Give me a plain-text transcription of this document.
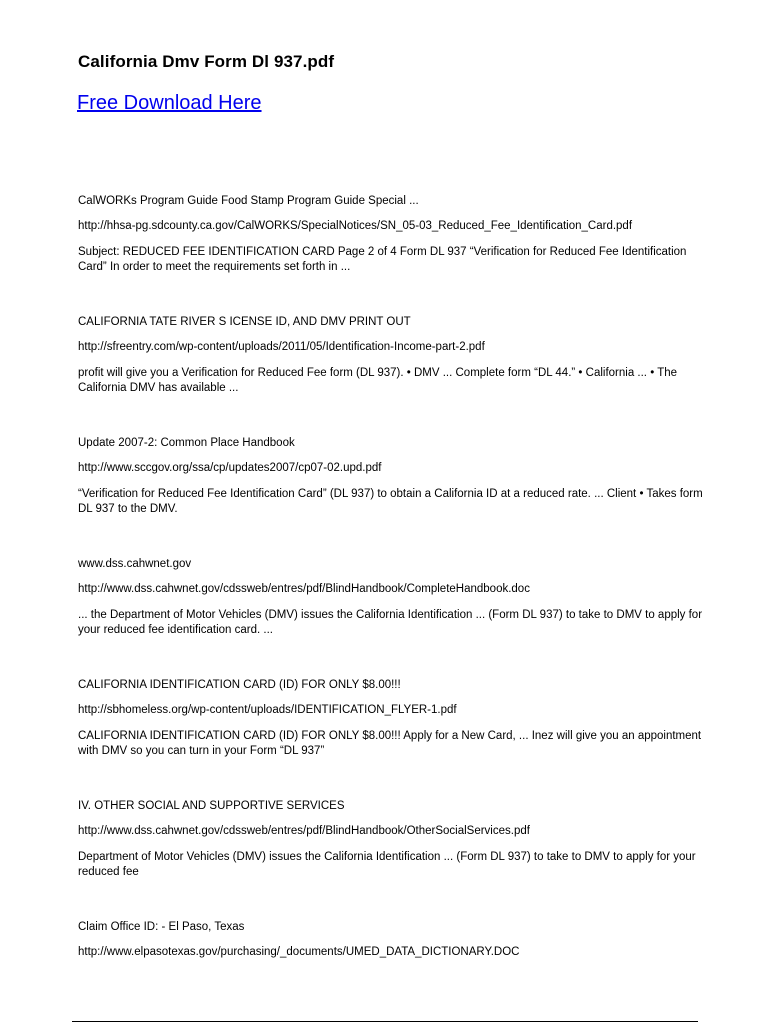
California Dmv Form Dl 937.pdf
Free Download Here

CalWORKs Program Guide Food Stamp Program Guide Special ...

http://hhsa-pg.sdcounty.ca.gov/CalWORKS/SpecialNotices/SN_05-03_Reduced_Fee_Identification_Card.pdf

Subject: REDUCED FEE IDENTIFICATION CARD Page 2 of 4 Form DL 937 “Verification for Reduced Fee Identification Card” In order to meet the requirements set forth in ...

CALIFORNIA TATE RIVER S ICENSE ID, AND DMV PRINT OUT

http://sfreentry.com/wp-content/uploads/2011/05/Identification-Income-part-2.pdf

profit will give you a Verification for Reduced Fee form (DL 937). • DMV ... Complete form “DL 44.” • California ... • The California DMV has available ...

Update 2007-2: Common Place Handbook

http://www.sccgov.org/ssa/cp/updates2007/cp07-02.upd.pdf

“Verification for Reduced Fee Identification Card” (DL 937) to obtain a California ID at a reduced rate. ... Client • Takes form DL 937 to the DMV.

www.dss.cahwnet.gov

http://www.dss.cahwnet.gov/cdssweb/entres/pdf/BlindHandbook/CompleteHandbook.doc

... the Department of Motor Vehicles (DMV) issues the California Identification ... (Form DL 937) to take to DMV to apply for your reduced fee identification card. ...

CALIFORNIA IDENTIFICATION CARD (ID) FOR ONLY $8.00!!!

http://sbhomeless.org/wp-content/uploads/IDENTIFICATION_FLYER-1.pdf

CALIFORNIA IDENTIFICATION CARD (ID) FOR ONLY $8.00!!! Apply for a New Card, ... Inez will give you an appointment with DMV so you can turn in your Form “DL 937”

IV. OTHER SOCIAL AND SUPPORTIVE SERVICES

http://www.dss.cahwnet.gov/cdssweb/entres/pdf/BlindHandbook/OtherSocialServices.pdf

Department of Motor Vehicles (DMV) issues the California Identification ... (Form DL 937) to take to DMV to apply for your reduced fee

Claim Office ID: - El Paso, Texas

http://www.elpasotexas.gov/purchasing/_documents/UMED_DATA_DICTIONARY.DOC
